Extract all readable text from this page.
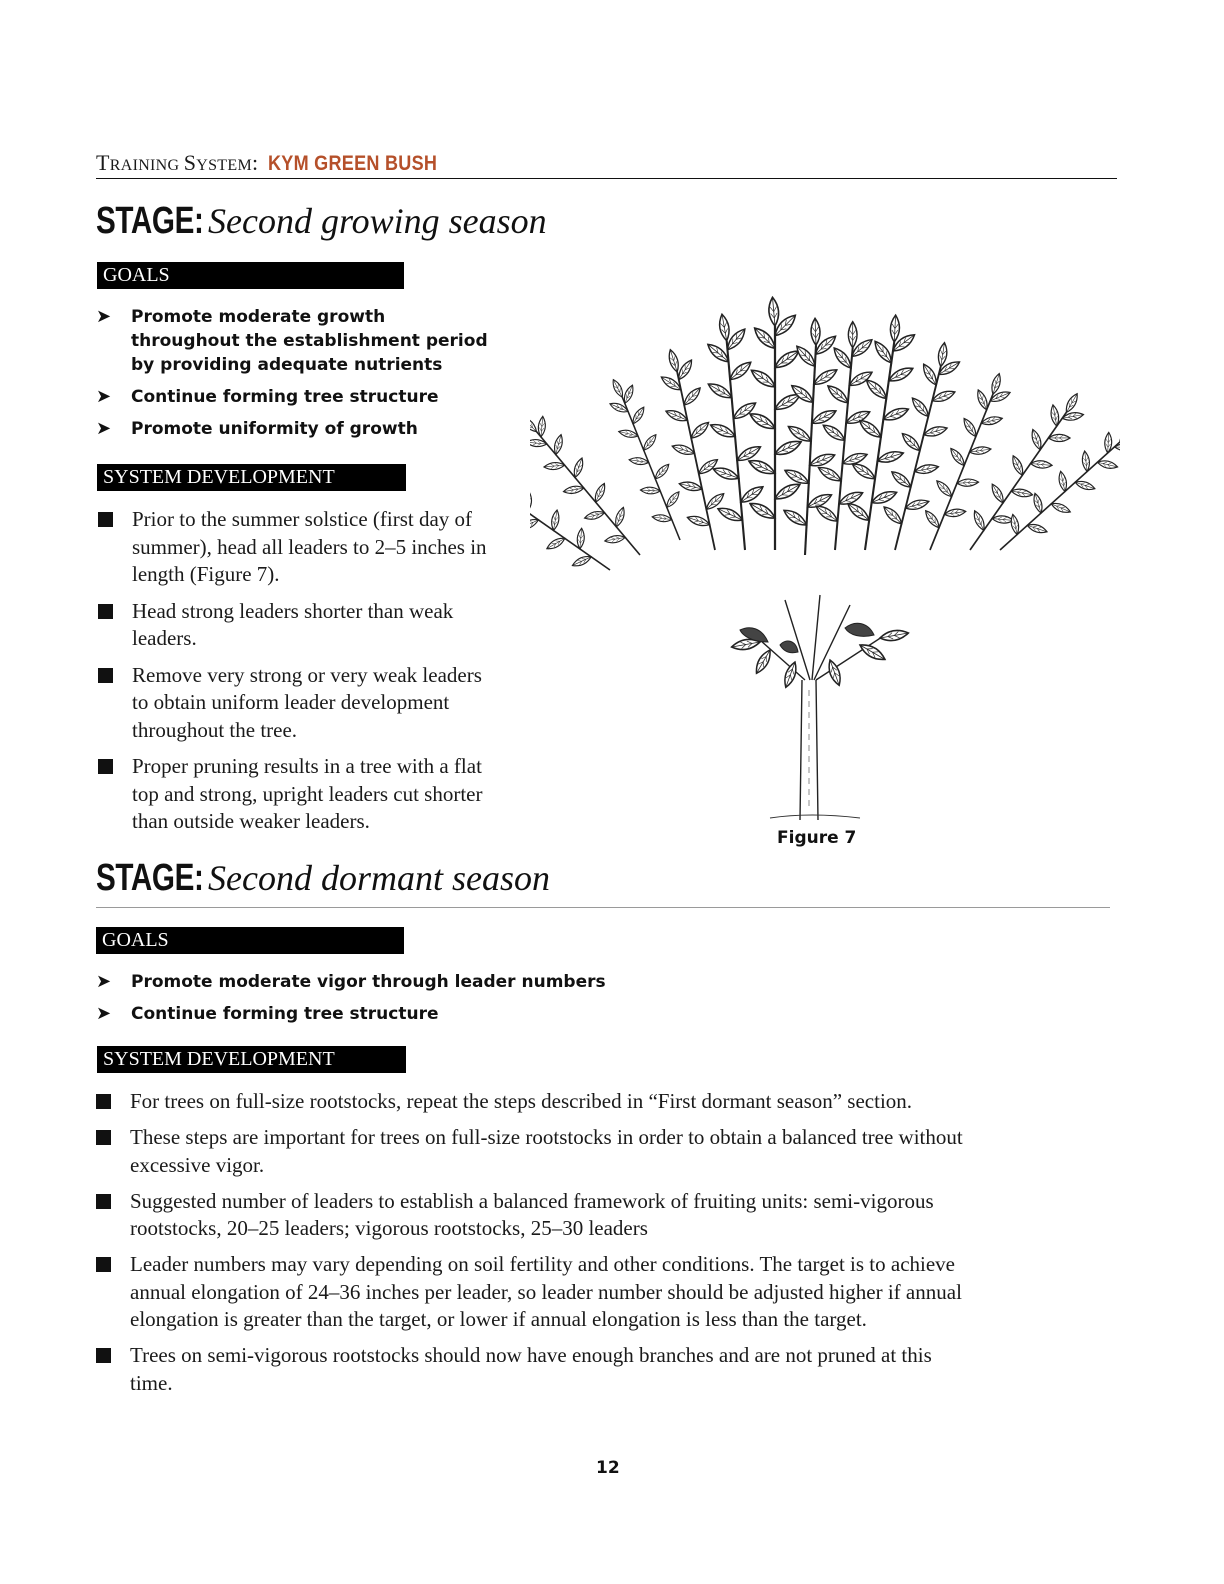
TRAINING SYSTEM: KYM GREEN BUSH
STAGE: Second growing season
GOALS
➤ Promote moderate growth throughout the establishment period by providing adequate nutrients
➤ Continue forming tree structure
➤ Promote uniformity of growth
SYSTEM DEVELOPMENT
Prior to the summer solstice (first day of summer), head all leaders to 2–5 inches in length (Figure 7).
Head strong leaders shorter than weak leaders.
Remove very strong or very weak leaders to obtain uniform leader development throughout the tree.
Proper pruning results in a tree with a flat top and strong, upright leaders cut shorter than outside weaker leaders.
Figure 7
STAGE: Second dormant season
GOALS
➤ Promote moderate vigor through leader numbers
➤ Continue forming tree structure
SYSTEM DEVELOPMENT
For trees on full-size rootstocks, repeat the steps described in “First dormant season” section.
These steps are important for trees on full-size rootstocks in order to obtain a balanced tree without excessive vigor.
Suggested number of leaders to establish a balanced framework of fruiting units: semi-vigorous rootstocks, 20–25 leaders; vigorous rootstocks, 25–30 leaders
Leader numbers may vary depending on soil fertility and other conditions. The target is to achieve annual elongation of 24–36 inches per leader, so leader number should be adjusted higher if annual elongation is greater than the target, or lower if annual elongation is less than the target.
Trees on semi-vigorous rootstocks should now have enough branches and are not pruned at this time.
12
